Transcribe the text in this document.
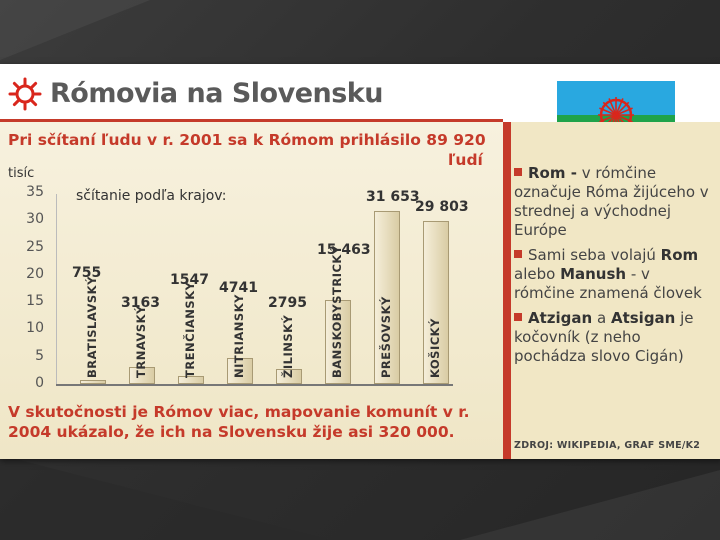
Rómovia na Slovensku
Pri sčítaní ľudu v r. 2001 sa k Rómom prihlásilo 89 920
ľudí
tisíc
sčítanie podľa krajov:
0
5
10
15
20
25
30
35
BRATISLAVSKÝ
755
TRNAVSKÝ
3163 TRENČIANSKY
1547
NITRIANSKY
4741
ŽILINSKÝ
2795 BANSKOBYSTRICKÝ
15 463
PREŠOVSKÝ
31 653
KOŠICKÝ
29 803
V skutočnosti je Rómov viac, mapovanie komunít v r. 2004 ukázalo, že ich na Slovensku žije asi 320 000.

Rom - v rómčine označuje Róma žijúceho v strednej a východnej Európe

Sami seba volajú Rom alebo Manush - v rómčine znamená človek

Atzigan a Atsigan je kočovník (z neho pochádza slovo Cigán)

ZDROJ: WIKIPEDIA, GRAF SME/K2
